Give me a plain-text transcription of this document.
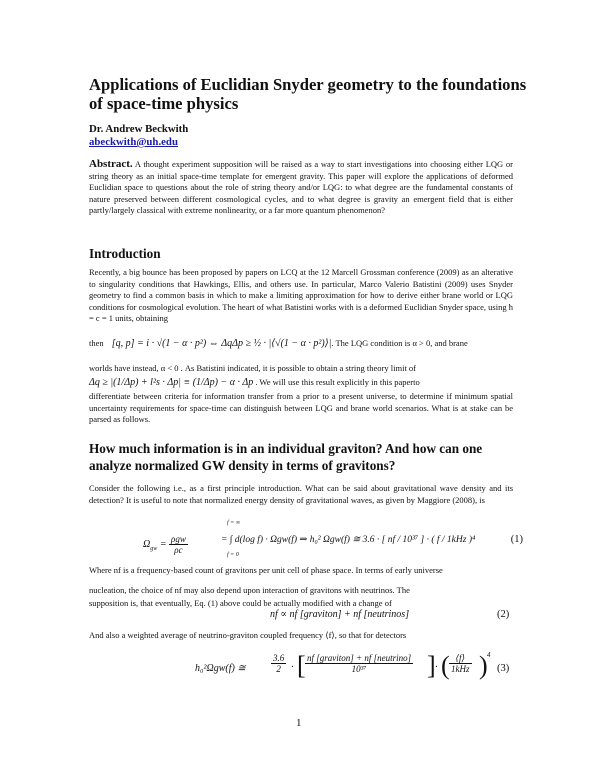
Applications of Euclidian Snyder geometry to the foundations of space-time physics
Dr. Andrew Beckwith
abeckwith@uh.edu
Abstract. A thought experiment supposition will be raised as a way to start investigations into choosing either LQG or string theory as an initial space-time template for emergent gravity. This paper will explore the applications of deformed Euclidian space to questions about the role of string theory and/or LQG: to what degree are the fundamental constants of nature preserved between different cosmological cycles, and to what degree is gravity an emergent field that is either partly/largely classical with extreme nonlinearity, or a far more quantum phenomenon?
Introduction
Recently, a big bounce has been proposed by papers on LCQ at the 12 Marcell Grossman conference (2009) as an alterative to singularity conditions that Hawkings, Ellis, and others use. In particular, Marco Valerio Batistini (2009) uses Snyder geometry to find a common basis in which to make a limiting approximation for how to derive either brane world or LQG conditions for cosmological evolution. The heart of what Batistini works with is a deformed Euclidian Snyder space, using ħ = c = 1 units, obtaining
then [q, p] = i · √(1 − α · p²) ⇔ ΔqΔp ≥ ½ · |⟨√(1 − α · p²)⟩|. The LQG condition is α > 0, and brane
worlds have instead, α < 0 . As Batistini indicated, it is possible to obtain a string theory limit of
Δq ≥ |(1/Δp) + l²s · Δp| ≡ (1/Δp) − α · Δp . We will use this result explicitly in this paperto
differentiate between criteria for information transfer from a prior to a present universe, to determine if minimum spatial uncertainty requirements for space-time can distinguish between LQG and brane world scenarios. What is at stake can be parsed as follows.
How much information is in an individual graviton? And how can one analyze normalized GW density in terms of gravitons?
Consider the following i.e., as a first principle introduction. What can be said about gravitational wave density and its detection? It is useful to note that normalized energy density of gravitational waves, as given by Maggiore (2008), is
f = ∞
f = 0
$\Omega_{gw} = \frac{\text{ρgw}}{\rho c}$	= ∫ d(log f) · Ωgw(f) ⇒ h₀² Ωgw(f) ≅ 3.6 · [ nf / 10³⁷ ] · ( f / 1kHz )⁴	(1)
Where nf is a frequency-based count of gravitons per unit cell of phase space. In terms of early universe
nucleation, the choice of nf may also depend upon interaction of gravitons with neutrinos. The
supposition is, that eventually, Eq. (1) above could be actually modified with a change of
nf ∝ nf [graviton] + nf [neutrinos]	(2)
And also a weighted average of neutrino-graviton coupled frequency ⟨f⟩, so that for detectors
h₀²Ωgw(f) ≅	$\frac{3.6}{2}$ · [ nf [graviton] + nf [neutrino]
10³⁷	] · ( ⟨f⟩
1kHz ) 4
(3)
1
